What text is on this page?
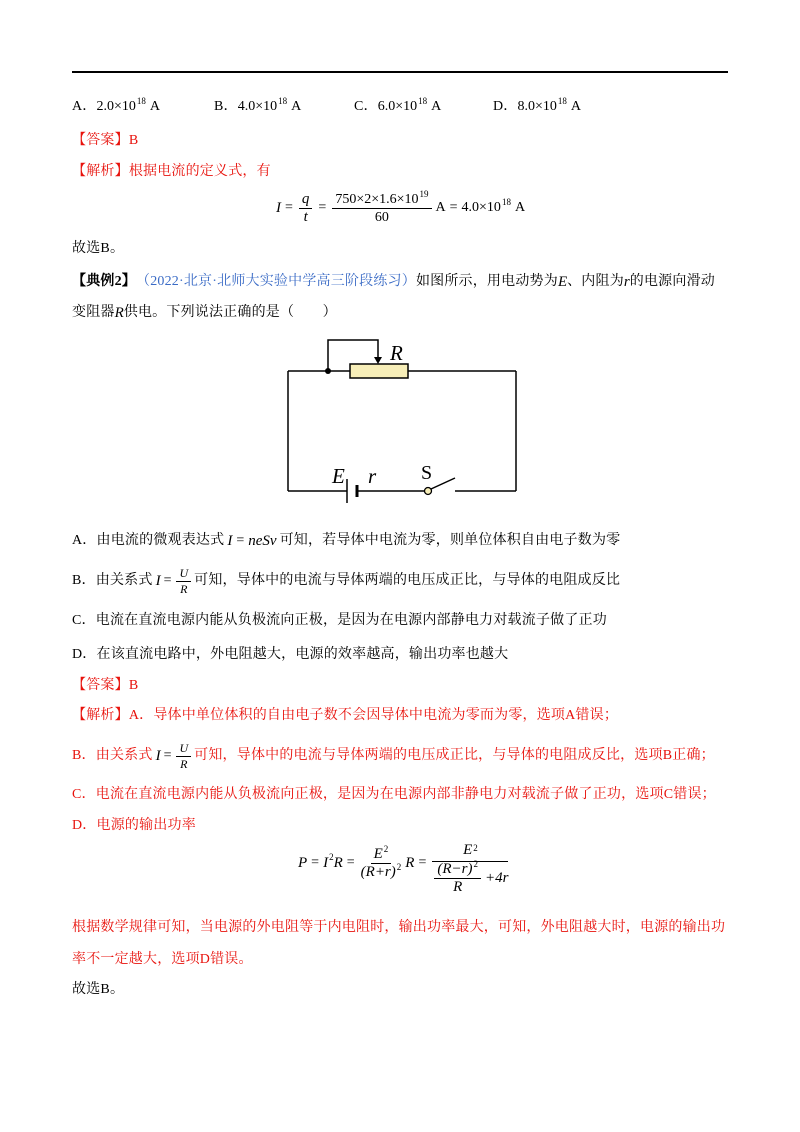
A． $2.0\times 10^{18}$ A	B． $4.0\times 10^{18}$ A	C． $6.0\times 10^{18}$ A	D． $8.0\times 10^{18}$ A
【答案】 B
【解析】 根据电流的定义式，有
$I = \frac{q}{t} = \frac{750\times 2\times 1.6\times 10^{19}}{60}$ $A = 4.0\times 10^{18}$ A
故选B。
【典例2】 （2022·北京·北师大实验中学高三阶段练习） 如图所示，用电动势为 E 、内阻为 r 的电源向滑动
变阻器 R 供电。下列说法正确的是（　　）
R
E r S
A． 由电流的微观表达式 I = neSv 可知，若导体中电流为零，则单位体积自由电子数为零
B． 由关系式 $I = \frac{U}{R}$ 可知，导体中的电流与导体两端的电压成正比，与导体的电阻成反比
C． 电流在直流电源内能从负极流向正极，是因为在电源内部静电力对载流子做了正功
D． 在该直流电路中，外电阻越大，电源的效率越高，输出功率也越大
【答案】 B
【解析】 A．导体中单位体积的自由电子数不会因导体中电流为零而为零，选项A错误；
B． 由关系式 $I = \frac{U}{R}$ 可知，导体中的电流与导体两端的电压成正比，与导体的电阻成反比，选项B正确；
C．电流在直流电源内能从负极流向正极，是因为在电源内部非静电力对载流子做了正功，选项C错误；
D．电源的输出功率
$P = I^2$ $R = \frac{E^2}{(R+r)^2}$ $R = \frac{E^2}{\frac{(R-r)^2}{R} +4r}$
根据数学规律可知，当电源的外电阻等于内电阻时，输出功率最大，可知，外电阻越大时，电源的输出功
率不一定越大，选项D错误。
故选B。
